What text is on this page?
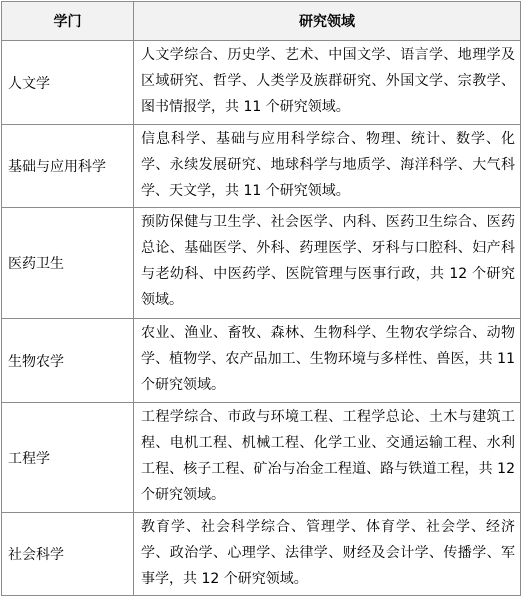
学门	研究领域
人文学	人文学综合、历史学、艺术、中国文学、语言学、地理学及区域研究、哲学、人类学及族群研究、外国文学、宗教学、图书情报学，共 11 个研究领域。
基础与应用科学	信息科学、基础与应用科学综合、物理、统计、数学、化学、永续发展研究、地球科学与地质学、海洋科学、大气科学、天文学，共 11 个研究领域。
医药卫生	预防保健与卫生学、社会医学、内科、医药卫生综合、医药总论、基础医学、外科、药理医学、牙科与口腔科、妇产科与老幼科、中医药学、医院管理与医事行政，共 12 个研究领域。
生物农学	农业、渔业、畜牧、森林、生物科学、生物农学综合、动物学、植物学、农产品加工、生物环境与多样性、兽医，共 11 个研究领域。
工程学	工程学综合、市政与环境工程、工程学总论、土木与建筑工程、电机工程、机械工程、化学工业、交通运输工程、水利工程、核子工程、矿冶与冶金工程道、路与铁道工程，共 12 个研究领域。
社会科学	教育学、社会科学综合、管理学、体育学、社会学、经济学、政治学、心理学、法律学、财经及会计学、传播学、军事学，共 12 个研究领域。
